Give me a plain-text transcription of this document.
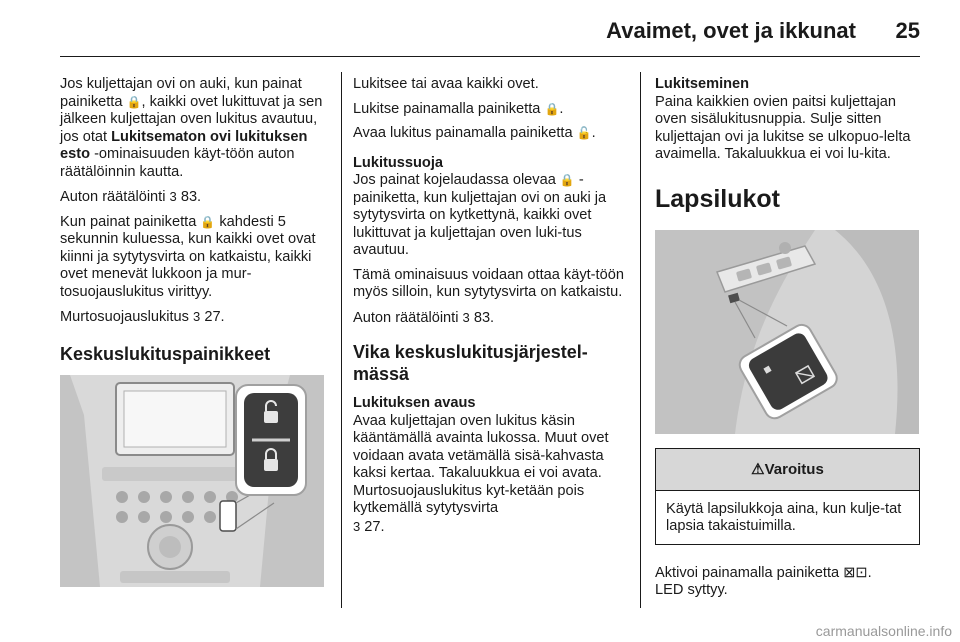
Avaimet, ovet ja ikkunat 25

Jos kuljettajan ovi on auki, kun painat painiketta 🔒, kaikki ovet lukittuvat ja sen jälkeen kuljettajan oven lukitus avautuu, jos otat Lukitsematon ovi lukituksen esto -ominaisuuden käyt-töön auton räätälöinnin kautta.

Auton räätälöinti 3 83.

Kun painat painiketta 🔒 kahdesti 5 sekunnin kuluessa, kun kaikki ovet ovat kiinni ja sytytysvirta on katkaistu, kaikki ovet menevät lukkoon ja mur-tosuojauslukitus virittyy.

Murtosuojauslukitus 3 27.

Keskuslukituspainikkeet

Lukitsee tai avaa kaikki ovet.

Lukitse painamalla painiketta 🔒.

Avaa lukitus painamalla painiketta 🔓.

Lukitussuoja
Jos painat kojelaudassa olevaa 🔒 -painiketta, kun kuljettajan ovi on auki ja sytytysvirta on kytkettynä, kaikki ovet lukittuvat ja kuljettajan oven luki-tus avautuu.

Tämä ominaisuus voidaan ottaa käyt-töön myös silloin, kun sytytysvirta on katkaistu.

Auton räätälöinti 3 83.

Vika keskuslukitusjärjestel-mässä

Lukituksen avaus
Avaa kuljettajan oven lukitus käsin kääntämällä avainta lukossa. Muut ovet voidaan avata vetämällä sisä-kahvasta kaksi kertaa. Takaluukkua ei voi avata. Murtosuojauslukitus kyt-ketään pois kytkemällä sytytysvirta
3 27.

Lukitseminen
Paina kaikkien ovien paitsi kuljettajan oven sisälukitusnuppia. Sulje sitten kuljettajan ovi ja lukitse se ulkopuo-lelta avaimella. Takaluukkua ei voi lu-kita.

Lapsilukot
⚠Varoitus
Käytä lapsilukkoja aina, kun kulje-tat lapsia takaistuimilla.

Aktivoi painamalla painiketta ⊠⊡.

LED syttyy.

carmanualsonline.info
